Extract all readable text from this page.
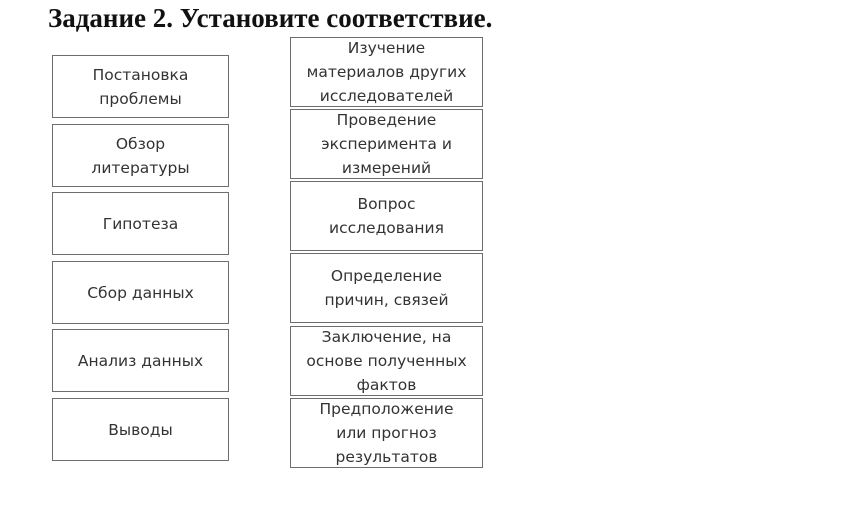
Задание 2. Установите соответствие.
Постановка
проблемы
Обзор
литературы
Гипотеза
Сбор данных
Анализ данных
Выводы
Изучение
материалов других
исследователей
Проведение
эксперимента и
измерений
Вопрос
исследования
Определение
причин, связей
Заключение, на
основе полученных
фактов
Предположение
или прогноз
результатов
